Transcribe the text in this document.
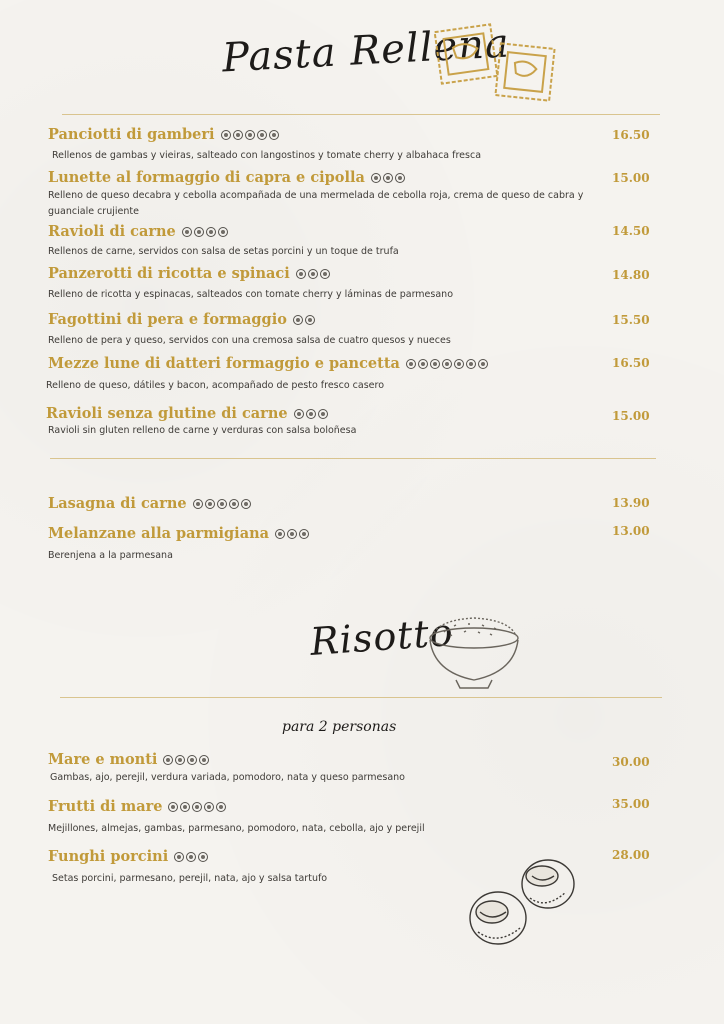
Pasta Rellena
Panciotti di gamberi
Rellenos de gambas y vieiras, salteado con langostinos y tomate cherry y albahaca fresca
16.50
Lunette al formaggio di capra e cipolla
Relleno de queso decabra y cebolla acompañada de una mermelada de cebolla roja, crema de queso de cabra y guanciale crujiente
15.00
Ravioli di carne
Rellenos de carne, servidos con salsa de setas porcini y un toque de trufa
14.50
Panzerotti di ricotta e spinaci
Relleno de ricotta y espinacas, salteados con tomate cherry y láminas de parmesano
14.80
Fagottini di pera e formaggio
Relleno de pera y queso, servidos con una cremosa salsa de cuatro quesos y nueces
15.50
Mezze lune di datteri formaggio e pancetta
Relleno de queso, dátiles y bacon, acompañado de pesto fresco casero
16.50
Ravioli senza glutine di carne
Ravioli sin gluten relleno de carne y verduras con salsa boloñesa
15.00
Lasagna di carne	13.90
Melanzane alla parmigiana
Berenjena a la parmesana
13.00
Risotto
para 2 personas
Mare e monti
Gambas, ajo, perejil, verdura variada, pomodoro, nata y queso parmesano
30.00
Frutti di mare
Mejillones, almejas, gambas, parmesano, pomodoro, nata, cebolla, ajo y perejil
35.00
Funghi porcini
Setas porcini, parmesano, perejil, nata, ajo y salsa tartufo
28.00
